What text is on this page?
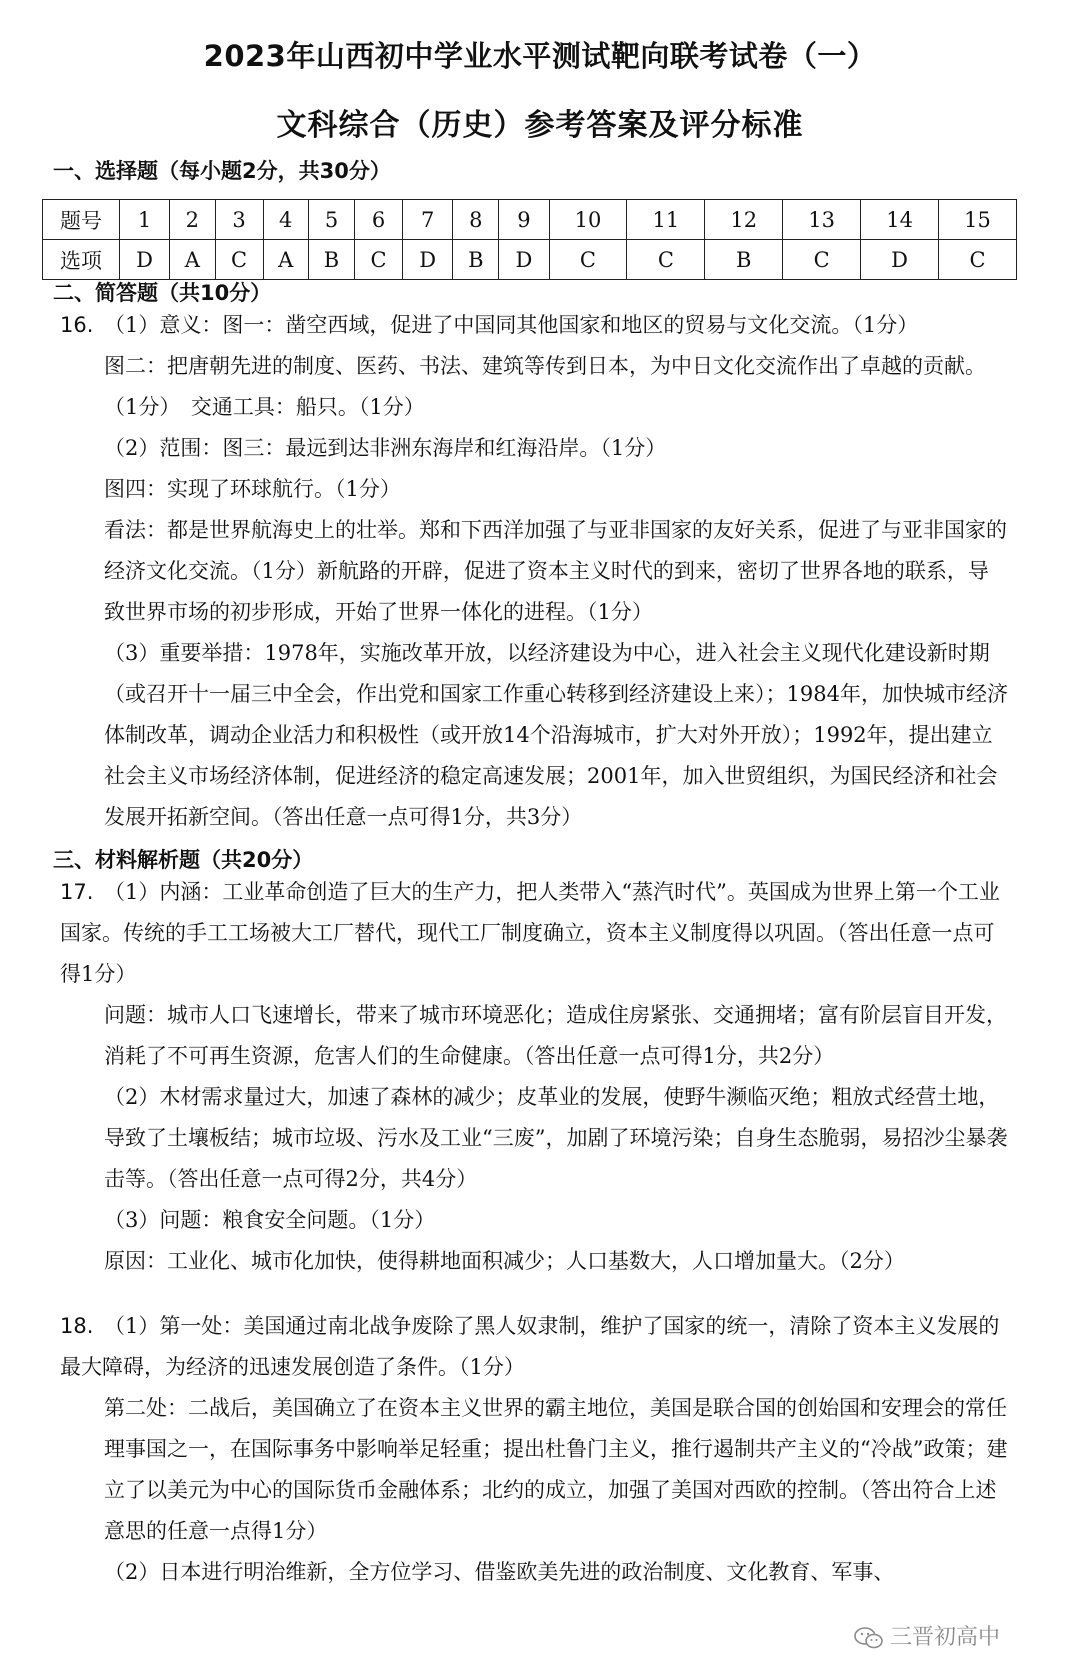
2023年山西初中学业水平测试靶向联考试卷（一）
文科综合（历史）参考答案及评分标准
一、选择题（每小题2分，共30分）
题号	1	2	3	4	5	6	7	8	9	10	11	12	13	14	15
选项	D	A	C	A	B	C	D	B	D	C	C	B	C	D	C
二、简答题（共10分）

16. （1）意义：图一：凿空西域，促进了中国同其他国家和地区的贸易与文化交流。（1分）

图二：把唐朝先进的制度、医药、书法、建筑等传到日本，为中日文化交流作出了卓越的贡献。（1分）　交通工具：船只。（1分）

（2）范围：图三：最远到达非洲东海岸和红海沿岸。（1分）

图四：实现了环球航行。（1分）

看法：都是世界航海史上的壮举。郑和下西洋加强了与亚非国家的友好关系，促进了与亚非国家的经济文化交流。（1分）新航路的开辟，促进了资本主义时代的到来，密切了世界各地的联系，导致世界市场的初步形成，开始了世界一体化的进程。（1分）

（3）重要举措：1978年，实施改革开放，以经济建设为中心，进入社会主义现代化建设新时期（或召开十一届三中全会，作出党和国家工作重心转移到经济建设上来）；1984年，加快城市经济体制改革，调动企业活力和积极性（或开放14个沿海城市，扩大对外开放）；1992年，提出建立社会主义市场经济体制，促进经济的稳定高速发展；2001年，加入世贸组织，为国民经济和社会发展开拓新空间。（答出任意一点可得1分，共3分）

三、材料解析题（共20分）

17. （1）内涵：工业革命创造了巨大的生产力，把人类带入“蒸汽时代”。英国成为世界上第一个工业国家。传统的手工工场被大工厂替代，现代工厂制度确立，资本主义制度得以巩固。（答出任意一点可得1分）

问题：城市人口飞速增长，带来了城市环境恶化；造成住房紧张、交通拥堵；富有阶层盲目开发，消耗了不可再生资源，危害人们的生命健康。（答出任意一点可得1分，共2分）

（2）木材需求量过大，加速了森林的减少；皮革业的发展，使野牛濒临灭绝；粗放式经营土地，导致了土壤板结；城市垃圾、污水及工业“三废”，加剧了环境污染；自身生态脆弱，易招沙尘暴袭击等。（答出任意一点可得2分，共4分）

（3）问题：粮食安全问题。（1分）

原因：工业化、城市化加快，使得耕地面积减少；人口基数大，人口增加量大。（2分）

18. （1）第一处：美国通过南北战争废除了黑人奴隶制，维护了国家的统一，清除了资本主义发展的最大障碍，为经济的迅速发展创造了条件。（1分）

第二处：二战后，美国确立了在资本主义世界的霸主地位，美国是联合国的创始国和安理会的常任理事国之一，在国际事务中影响举足轻重；提出杜鲁门主义，推行遏制共产主义的“冷战”政策；建立了以美元为中心的国际货币金融体系；北约的成立，加强了美国对西欧的控制。（答出符合上述意思的任意一点得1分）

（2）日本进行明治维新，全方位学习、借鉴欧美先进的政治制度、文化教育、军事、

三晋初高中
